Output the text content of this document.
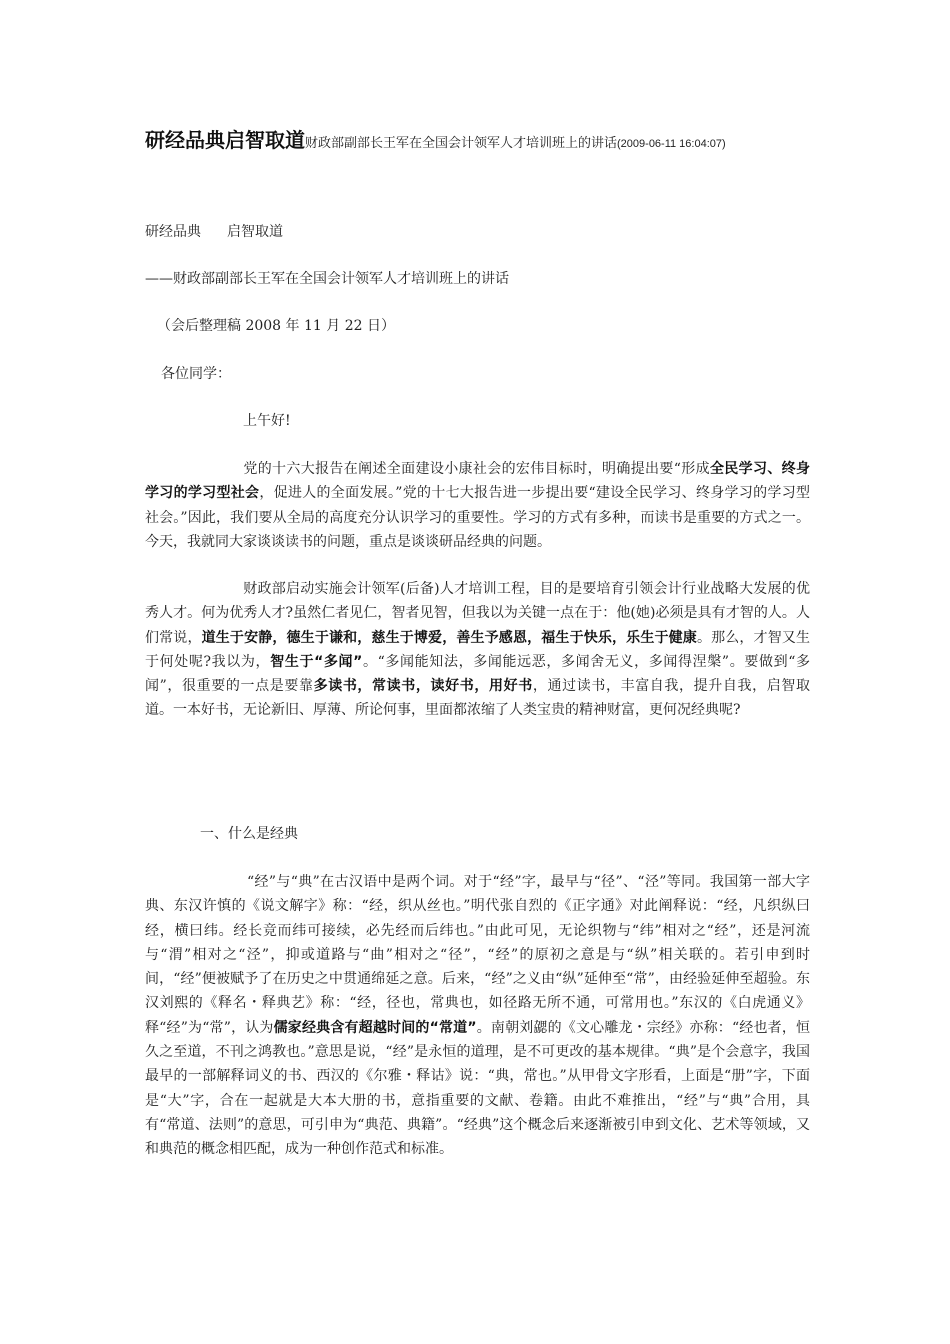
研经品典启智取道财政部副部长王军在全国会计领军人才培训班上的讲话(2009-06-11 16:04:07)
研经品典 启智取道
——财政部副部长王军在全国会计领军人才培训班上的讲话
（会后整理稿 2008 年 11 月 22 日）
各位同学：
上午好!

党的十六大报告在阐述全面建设小康社会的宏伟目标时，明确提出要“形成全民学习、终身学习的学习型社会，促进人的全面发展。”党的十七大报告进一步提出要“建设全民学习、终身学习的学习型社会。”因此，我们要从全局的高度充分认识学习的重要性。学习的方式有多种，而读书是重要的方式之一。今天，我就同大家谈谈读书的问题，重点是谈谈研品经典的问题。

财政部启动实施会计领军(后备)人才培训工程，目的是要培育引领会计行业战略大发展的优秀人才。何为优秀人才?虽然仁者见仁，智者见智，但我以为关键一点在于：他(她)必须是具有才智的人。人们常说，道生于安静，德生于谦和，慈生于博爱，善生予感恩，福生于快乐，乐生于健康。那么，才智又生于何处呢?我以为，智生于“多闻”。“多闻能知法，多闻能远恶，多闻舍无义，多闻得涅槃”。要做到“多闻”，很重要的一点是要靠多读书，常读书，读好书，用好书，通过读书，丰富自我，提升自我，启智取道。一本好书，无论新旧、厚薄、所论何事，里面都浓缩了人类宝贵的精神财富，更何况经典呢?

一、什么是经典

“经”与“典”在古汉语中是两个词。对于“经”字，最早与“径”、“泾”等同。我国第一部大字典、东汉许慎的《说文解字》称：“经，织从丝也。”明代张自烈的《正字通》对此阐释说：“经，凡织纵曰经，横曰纬。经长竞而纬可接续，必先经而后纬也。”由此可见，无论织物与“纬”相对之“经”，还是河流与“渭”相对之“泾”，抑或道路与“曲”相对之“径”，“经”的原初之意是与“纵”相关联的。若引申到时间，“经”便被赋予了在历史之中贯通绵延之意。后来，“经”之义由“纵”延伸至“常”，由经验延伸至超验。东汉刘熙的《释名・释典艺》称：“经，径也，常典也，如径路无所不通，可常用也。”东汉的《白虎通义》释“经”为“常”，认为儒家经典含有超越时间的“常道”。南朝刘勰的《文心雕龙・宗经》亦称：“经也者，恒久之至道，不刊之鸿教也。”意思是说，“经”是永恒的道理，是不可更改的基本规律。“典”是个会意字，我国最早的一部解释词义的书、西汉的《尔雅・释诂》说：“典，常也。”从甲骨文字形看，上面是“册”字，下面是“大”字，合在一起就是大本大册的书，意指重要的文献、卷籍。由此不难推出，“经”与“典”合用，具有“常道、法则”的意思，可引申为“典范、典籍”。“经典”这个概念后来逐渐被引申到文化、艺术等领域，又和典范的概念相匹配，成为一种创作范式和标准。
